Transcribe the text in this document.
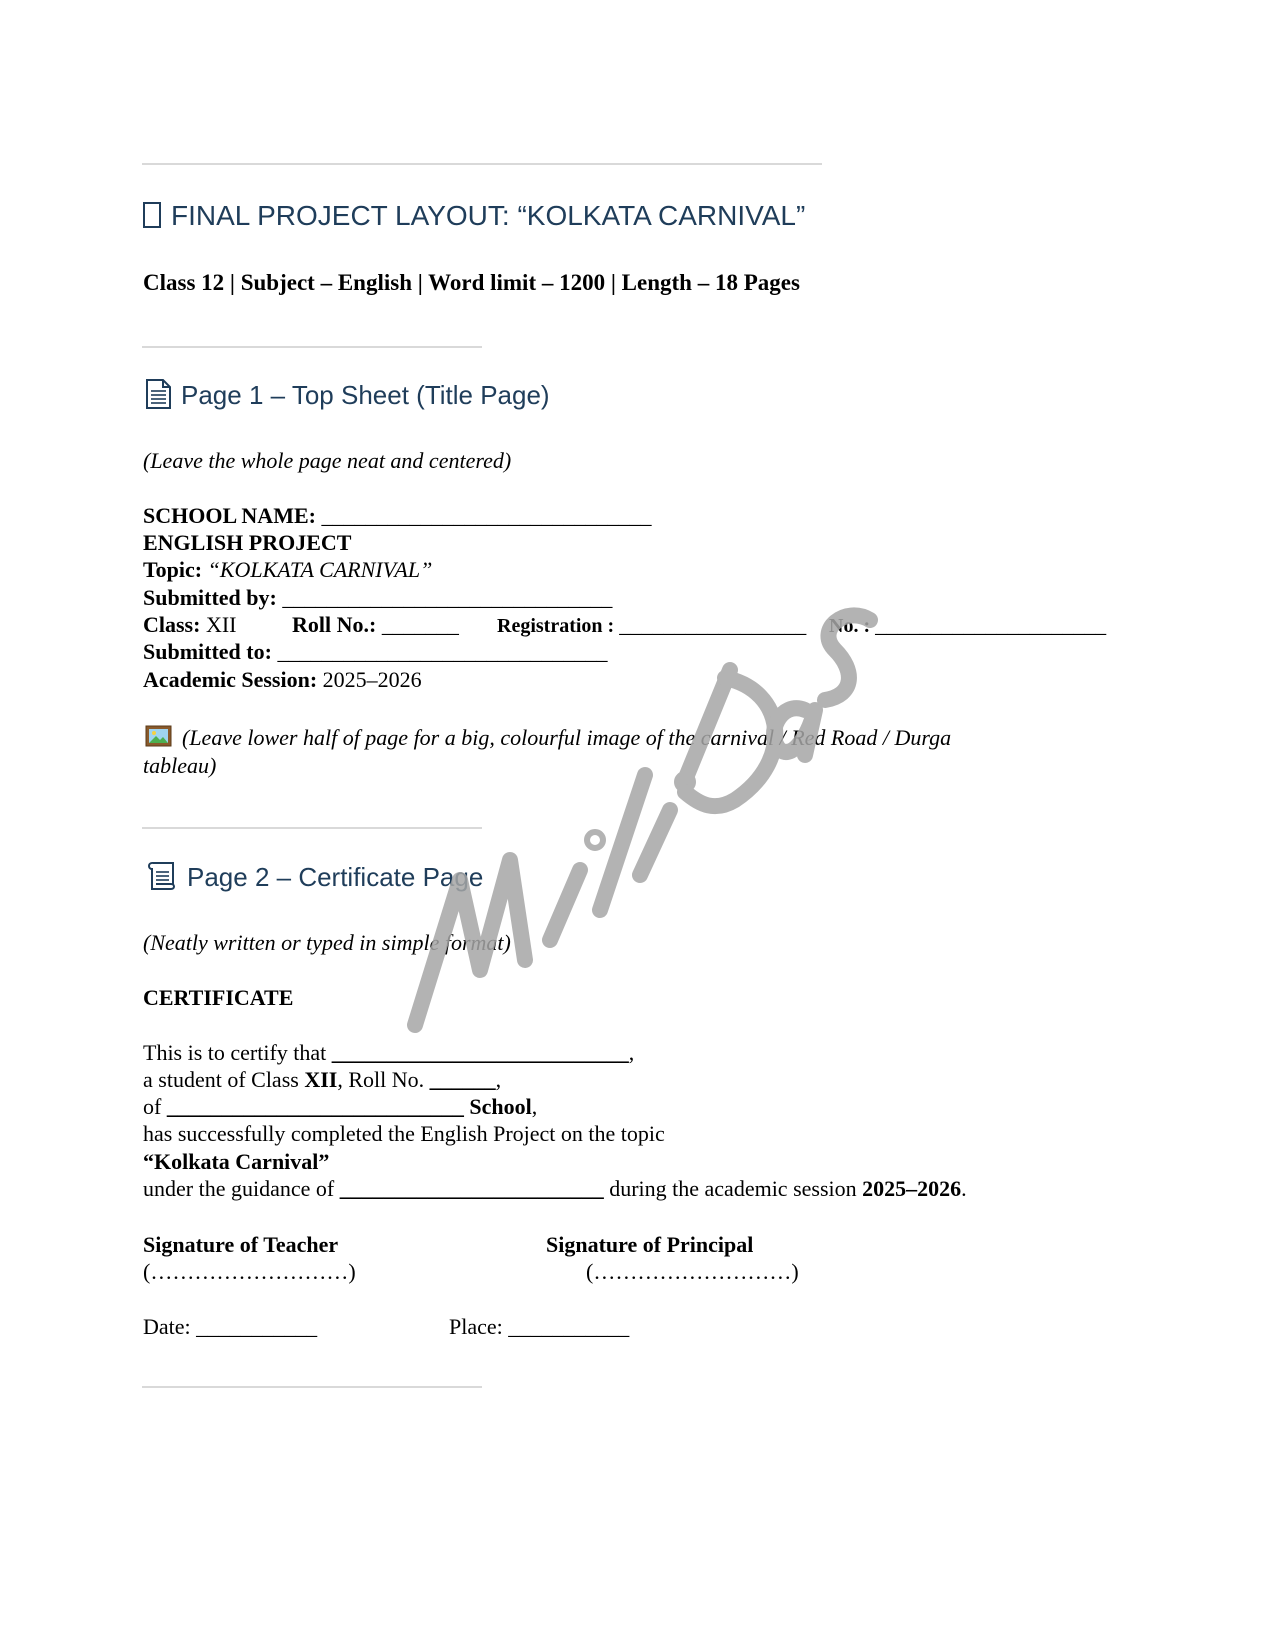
FINAL PROJECT LAYOUT: “KOLKATA CARNIVAL”
Class 12 | Subject – English | Word limit – 1200 | Length – 18 Pages
Page 1 – Top Sheet (Title Page)
(Leave the whole page neat and centered)
SCHOOL NAME: ______________________________
ENGLISH PROJECT
Topic: “KOLKATA CARNIVAL”
Submitted by: ______________________________
Class: XII	Roll No.: _______ Registration : _________________ No. : _____________________
Submitted to: ______________________________
Academic Session: 2025–2026
(Leave lower half of page for a big, colourful image of the carnival / Red Road / Durga
tableau)
Page 2 – Certificate Page
(Neatly written or typed in simple format)
CERTIFICATE
This is to certify that ___________________________,
a student of Class XII, Roll No. ______,
of ___________________________ School,
has successfully completed the English Project on the topic
“Kolkata Carnival”
under the guidance of ________________________ during the academic session 2025–2026.
Signature of Teacher
(………………………)
Signature of Principal
(………………………)
Date: ___________	Place: ___________
